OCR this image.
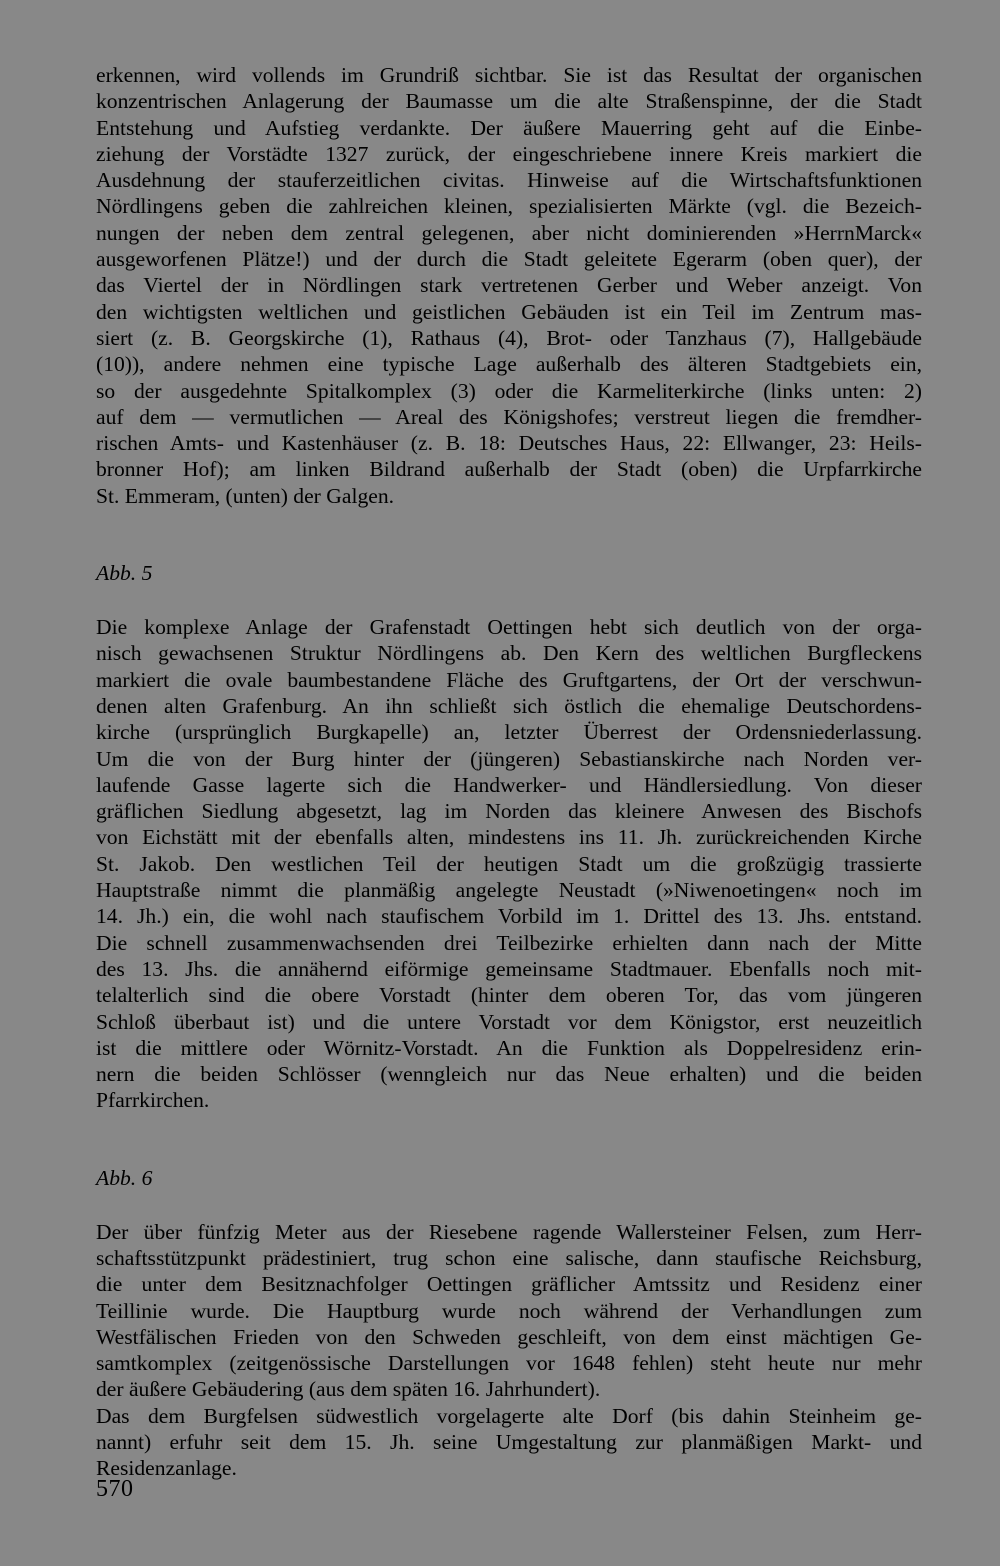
erkennen, wird vollends im Grundriß sichtbar. Sie ist das Resultat der organischen
konzentrischen Anlagerung der Baumasse um die alte Straßenspinne, der die Stadt
Entstehung und Aufstieg verdankte. Der äußere Mauerring geht auf die Einbe-
ziehung der Vorstädte 1327 zurück, der eingeschriebene innere Kreis markiert die
Ausdehnung der stauferzeitlichen civitas. Hinweise auf die Wirtschaftsfunktionen
Nördlingens geben die zahlreichen kleinen, spezialisierten Märkte (vgl. die Bezeich-
nungen der neben dem zentral gelegenen, aber nicht dominierenden »HerrnMarck«
ausgeworfenen Plätze!) und der durch die Stadt geleitete Egerarm (oben quer), der
das Viertel der in Nördlingen stark vertretenen Gerber und Weber anzeigt. Von
den wichtigsten weltlichen und geistlichen Gebäuden ist ein Teil im Zentrum mas-
siert (z. B. Georgskirche (1), Rathaus (4), Brot- oder Tanzhaus (7), Hallgebäude
(10)), andere nehmen eine typische Lage außerhalb des älteren Stadtgebiets ein,
so der ausgedehnte Spitalkomplex (3) oder die Karmeliterkirche (links unten: 2)
auf dem — vermutlichen — Areal des Königshofes; verstreut liegen die fremdher-
rischen Amts- und Kastenhäuser (z. B. 18: Deutsches Haus, 22: Ellwanger, 23: Heils-
bronner Hof); am linken Bildrand außerhalb der Stadt (oben) die Urpfarrkirche
St. Emmeram, (unten) der Galgen.

Abb. 5

Die komplexe Anlage der Grafenstadt Oettingen hebt sich deutlich von der orga-
nisch gewachsenen Struktur Nördlingens ab. Den Kern des weltlichen Burgfleckens
markiert die ovale baumbestandene Fläche des Gruftgartens, der Ort der verschwun-
denen alten Grafenburg. An ihn schließt sich östlich die ehemalige Deutschordens-
kirche (ursprünglich Burgkapelle) an, letzter Überrest der Ordensniederlassung.
Um die von der Burg hinter der (jüngeren) Sebastianskirche nach Norden ver-
laufende Gasse lagerte sich die Handwerker- und Händlersiedlung. Von dieser
gräflichen Siedlung abgesetzt, lag im Norden das kleinere Anwesen des Bischofs
von Eichstätt mit der ebenfalls alten, mindestens ins 11. Jh. zurückreichenden Kirche
St. Jakob. Den westlichen Teil der heutigen Stadt um die großzügig trassierte
Hauptstraße nimmt die planmäßig angelegte Neustadt (»Niwenoetingen« noch im
14. Jh.) ein, die wohl nach staufischem Vorbild im 1. Drittel des 13. Jhs. entstand.
Die schnell zusammenwachsenden drei Teilbezirke erhielten dann nach der Mitte
des 13. Jhs. die annähernd eiförmige gemeinsame Stadtmauer. Ebenfalls noch mit-
telalterlich sind die obere Vorstadt (hinter dem oberen Tor, das vom jüngeren
Schloß überbaut ist) und die untere Vorstadt vor dem Königstor, erst neuzeitlich
ist die mittlere oder Wörnitz-Vorstadt. An die Funktion als Doppelresidenz erin-
nern die beiden Schlösser (wenngleich nur das Neue erhalten) und die beiden
Pfarrkirchen.

Abb. 6

Der über fünfzig Meter aus der Riesebene ragende Wallersteiner Felsen, zum Herr-
schaftsstützpunkt prädestiniert, trug schon eine salische, dann staufische Reichsburg,
die unter dem Besitznachfolger Oettingen gräflicher Amtssitz und Residenz einer
Teillinie wurde. Die Hauptburg wurde noch während der Verhandlungen zum
Westfälischen Frieden von den Schweden geschleift, von dem einst mächtigen Ge-
samtkomplex (zeitgenössische Darstellungen vor 1648 fehlen) steht heute nur mehr
der äußere Gebäudering (aus dem späten 16. Jahrhundert).
Das dem Burgfelsen südwestlich vorgelagerte alte Dorf (bis dahin Steinheim ge-
nannt) erfuhr seit dem 15. Jh. seine Umgestaltung zur planmäßigen Markt- und
Residenzanlage.
570
